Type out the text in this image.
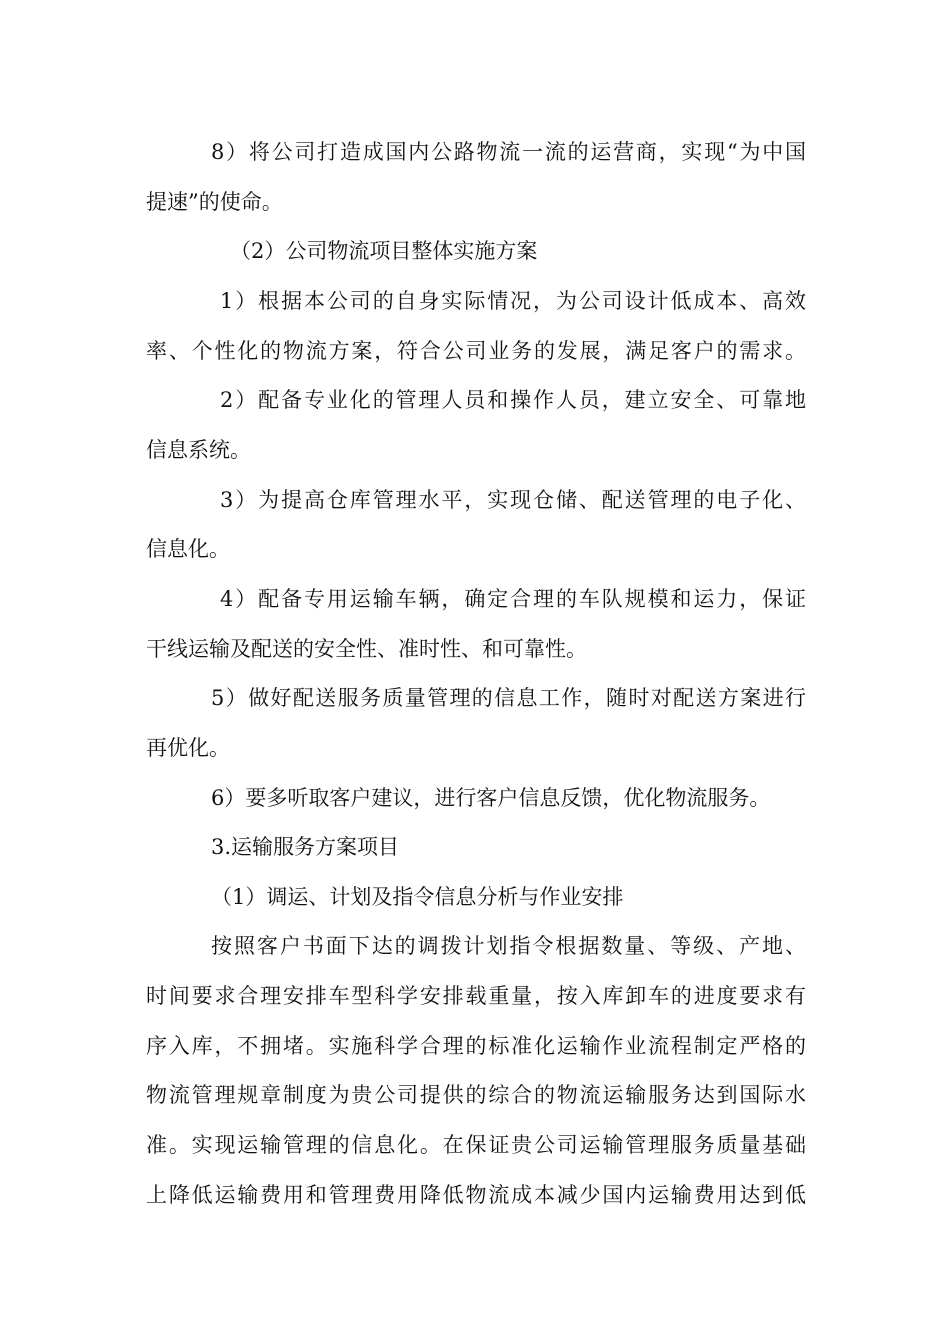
8）将公司打造成国内公路物流一流的运营商，实现“为中国
提速”的使命。
（2）公司物流项目整体实施方案
1）根据本公司的自身实际情况，为公司设计低成本、高效
率、个性化的物流方案，符合公司业务的发展，满足客户的需求。
2）配备专业化的管理人员和操作人员，建立安全、可靠地
信息系统。
3）为提高仓库管理水平，实现仓储、配送管理的电子化、
信息化。
4）配备专用运输车辆，确定合理的车队规模和运力，保证
干线运输及配送的安全性、准时性、和可靠性。
5）做好配送服务质量管理的信息工作，随时对配送方案进行
再优化。
6）要多听取客户建议，进行客户信息反馈，优化物流服务。
3.运输服务方案项目
（1）调运、计划及指令信息分析与作业安排
按照客户书面下达的调拨计划指令根据数量、等级、产地、
时间要求合理安排车型科学安排载重量，按入库卸车的进度要求有
序入库，不拥堵。实施科学合理的标准化运输作业流程制定严格的
物流管理规章制度为贵公司提供的综合的物流运输服务达到国际水
准。实现运输管理的信息化。在保证贵公司运输管理服务质量基础
上降低运输费用和管理费用降低物流成本减少国内运输费用达到低
